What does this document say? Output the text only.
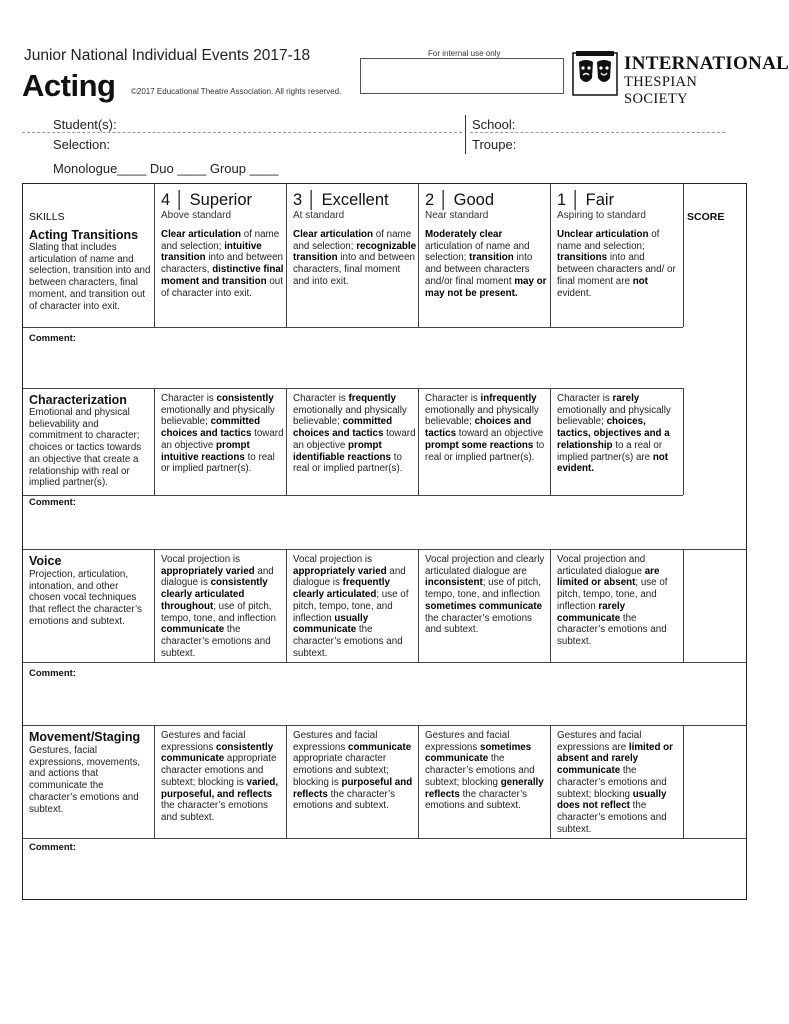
Junior National Individual Events 2017-18	For internal use only
Acting ©2017 Educational Theatre Association. All rights reserved.
INTERNATIONAL
THESPIAN SOCIETY
Student(s):
Selection:
School:
Troupe:
Monologue____ Duo ____ Group ____
SKILLS	SCORE
4 │ Superior
Above standard
3 │ Excellent
At standard
2 │ Good
Near standard
1 │ Fair
Aspiring to standard
Acting Transitions
Slating that includes articulation of name and selection, transition into and between characters, final moment, and transition out of character into exit.
Clear articulation of name and selection; intuitive transition into and between characters, distinctive final moment and transition out of character into exit.
Clear articulation of name and selection; recognizable transition into and between characters, final moment and into exit.
Moderately clear articulation of name and selection; transition into and between characters and/or final moment may or may not be present.
Unclear articulation of name and selection; transitions into and between characters and/ or final moment are not evident.
Comment:
Characterization
Emotional and physical believability and commitment to character; choices or tactics towards an objective that create a relationship with real or implied partner(s).
Character is consistently emotionally and physically believable; committed choices and tactics toward an objective prompt intuitive reactions to real or implied partner(s).
Character is frequently emotionally and physically believable; committed choices and tactics toward an objective prompt identifiable reactions to real or implied partner(s).
Character is infrequently emotionally and physically believable; choices and tactics toward an objective prompt some reactions to real or implied partner(s).
Character is rarely emotionally and physically believable; choices, tactics, objectives and a relationship to a real or implied partner(s) are not evident.
Comment:
Voice
Projection, articulation, intonation, and other chosen vocal techniques that reflect the character’s emotions and subtext.
Vocal projection is appropriately varied and dialogue is consistently clearly articulated throughout; use of pitch, tempo, tone, and inflection communicate the character’s emotions and subtext.
Vocal projection is appropriately varied and dialogue is frequently clearly articulated; use of pitch, tempo, tone, and inflection usually communicate the character’s emotions and subtext.
Vocal projection and clearly articulated dialogue are inconsistent; use of pitch, tempo, tone, and inflection sometimes communicate the character’s emotions and subtext.
Vocal projection and articulated dialogue are limited or absent; use of pitch, tempo, tone, and inflection rarely communicate the character’s emotions and subtext.
Comment:
Movement/Staging
Gestures, facial expressions, movements, and actions that communicate the character’s emotions and subtext.
Gestures and facial expressions consistently communicate appropriate character emotions and subtext; blocking is varied, purposeful, and reflects the character’s emotions and subtext.
Gestures and facial expressions communicate appropriate character emotions and subtext; blocking is purposeful and reflects the character’s emotions and subtext.
Gestures and facial expressions sometimes communicate the character’s emotions and subtext; blocking generally reflects the character’s emotions and subtext.
Gestures and facial expressions are limited or absent and rarely communicate the character’s emotions and subtext; blocking usually does not reflect the character’s emotions and subtext.
Comment:
